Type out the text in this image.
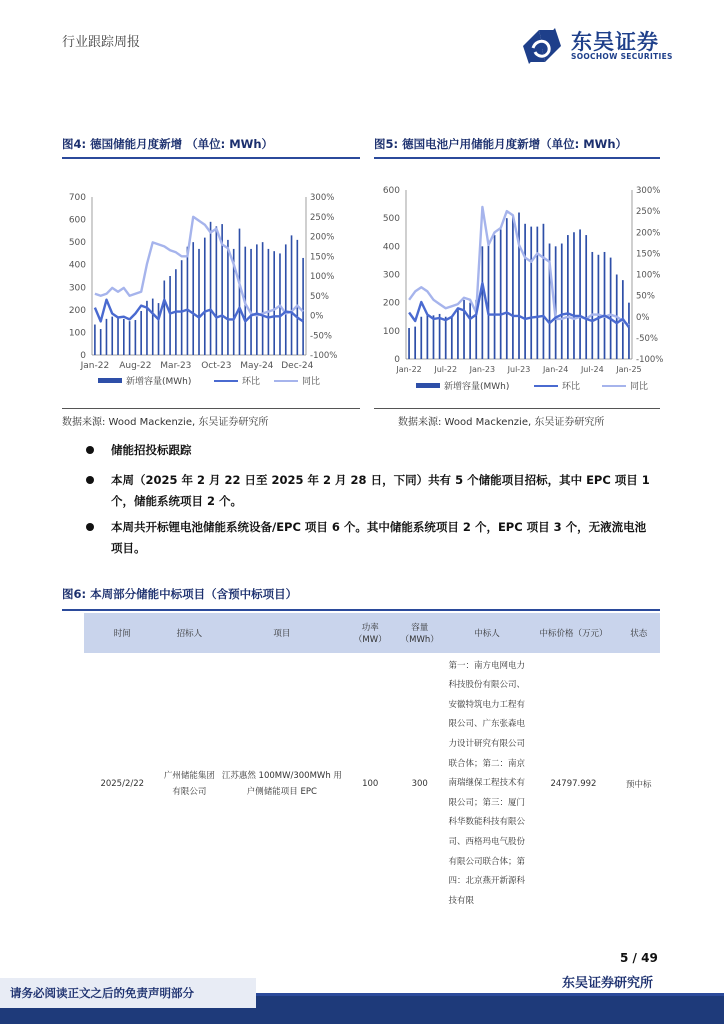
行业跟踪周报	东吴证券
SOOCHOW SECURITIES
图4: 德国储能月度新增 （单位: MWh）
0
100
200
300
400
500
600
700
-100%
-50%
0%
50%
100%
150%
200%
250%
300%
Jan-22 Aug-22 Mar-23 Oct-23 May-24 Dec-24
新增容量(MWh)	环比	同比
数据来源: Wood Mackenzie, 东吴证券研究所
图5: 德国电池户用储能月度新增（单位: MWh）
0
100
200
300
400
500
600
-100%
-50%
0%
50%
100%
150%
200%
250%
300%
Jan-22 Jul-22 Jan-23 Jul-23 Jan-24 Jul-24 Jan-25
新增容量(MWh)	环比	同比
数据来源: Wood Mackenzie, 东吴证券研究所
储能招投标跟踪
本周（2025 年 2 月 22 日至 2025 年 2 月 28 日，下同）共有 5 个储能项目招标，其中 EPC 项目 1 个，储能系统项目 2 个。
本周共开标锂电池储能系统设备/EPC 项目 6 个。其中储能系统项目 2 个，EPC 项目 3 个，无液流电池项目。
图6: 本周部分储能中标项目（含预中标项目）
时间	招标人	项目	功率（MW）	容量（MWh）	中标人	中标价格（万元）	状态
2025/2/22	广州储能集团有限公司	江苏惠然 100MW/300MWh 用户侧储能项目 EPC	100	300	第一：南方电网电力科技股份有限公司、安徽特筑电力工程有限公司、广东张森电力设计研究有限公司联合体；第二：南京南瑞继保工程技术有限公司；第三：厦门科华数能科技有限公司、西格玛电气股份有限公司联合体；第四：北京燕开新源科技有限	24797.992	预中标
5 / 49
请务必阅读正文之后的免责声明部分
东吴证券研究所
